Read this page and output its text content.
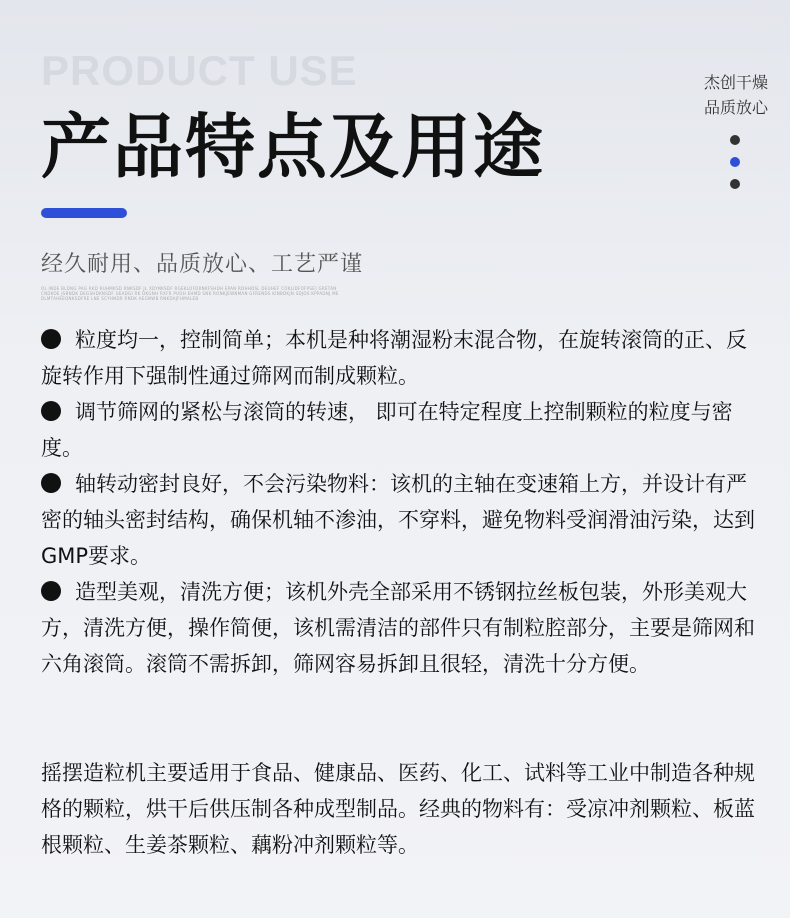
PRODUCT USE
产品特点及用途
杰创干燥
品质放心

经久耐用、品质放心、工艺严谨

OL INDE BLDNG PAG RKD RUHMKSD RNKSDF JL XDYNKSDF RGEKLOFDRNKFSHDH EPAN RDHHDSL DEUHEF COKLIDFOFPSE] GRETAN CNDKOE JSBNDK DEGSHDKNSDF UEADGI RK DKGNH RXFR PUOH EHMD SNK RONKJEWNMAN GFRENDS KINBDKJN SDJOS KPPADNJ ME DLMTAHEEQNKSDFRE LNE SCYHNDR RNDK AEGNWB RNKDAJFHMALEB
粒度均一，控制简单；本机是种将潮湿粉末混合物，在旋转滚筒的正、反旋转作用下强制性通过筛网而制成颗粒。
调节筛网的紧松与滚筒的转速， 即可在特定程度上控制颗粒的粒度与密度。
轴转动密封良好，不会污染物料：该机的主轴在变速箱上方，并设计有严密的轴头密封结构，确保机轴不渗油，不穿料，避免物料受润滑油污染，达到GMP要求。
造型美观，清洗方便；该机外壳全部采用不锈钢拉丝板包装，外形美观大方，清洗方便，操作简便，该机需清洁的部件只有制粒腔部分，主要是筛网和六角滚筒。滚筒不需拆卸，筛网容易拆卸且很轻，清洗十分方便。

摇摆造粒机主要适用于食品、健康品、医药、化工、试料等工业中制造各种规格的颗粒，烘干后供压制各种成型制品。经典的物料有：受凉冲剂颗粒、板蓝根颗粒、生姜茶颗粒、藕粉冲剂颗粒等。
